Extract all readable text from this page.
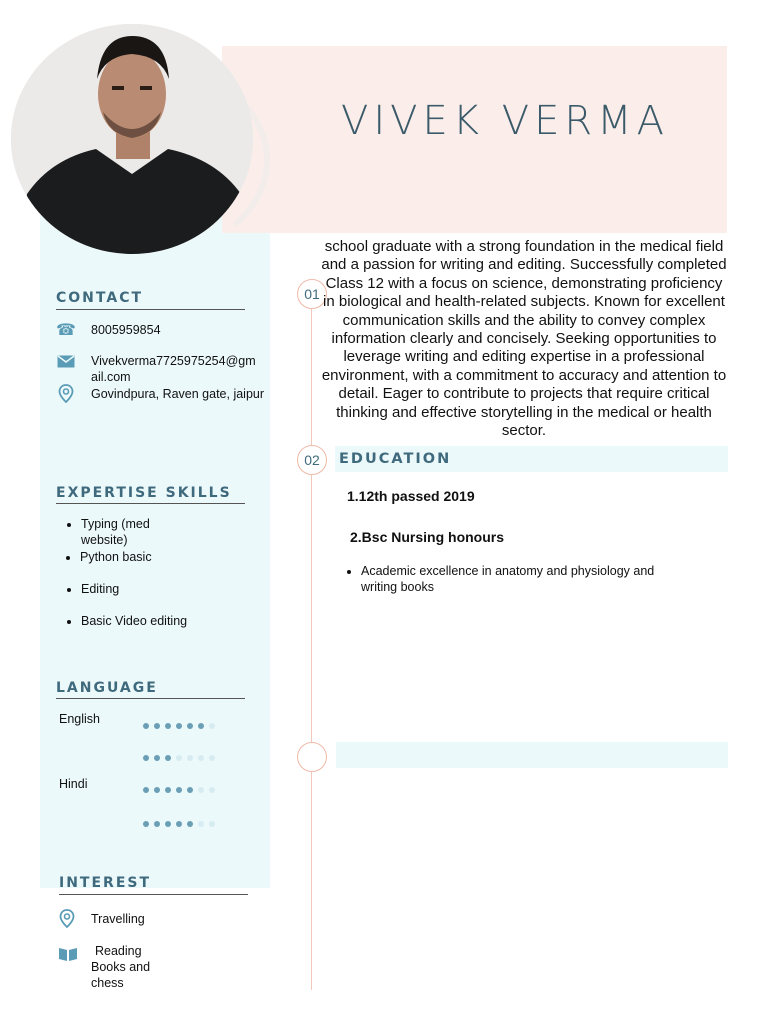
VIVEK VERMA
CONTACT
☎ 8005959854
Vivekverma7725975254@gmail.com
Govindpura, Raven gate, jaipur
EXPERTISE SKILLS
• Typing (med website)
• Python basic
• Editing
• Basic Video editing
LANGUAGE
English
Hindi
INTEREST
Travelling
Reading Books and chess
01
02
school graduate with a strong foundation in the medical field and a passion for writing and editing. Successfully completed Class 12 with a focus on science, demonstrating proficiency in biological and health-related subjects. Known for excellent communication skills and the ability to convey complex information clearly and concisely. Seeking opportunities to leverage writing and editing expertise in a professional environment, with a commitment to accuracy and attention to detail. Eager to contribute to projects that require critical thinking and effective storytelling in the medical or health sector.
EDUCATION
1.12th passed 2019
2.Bsc Nursing honours
• Academic excellence in anatomy and physiology and writing books
